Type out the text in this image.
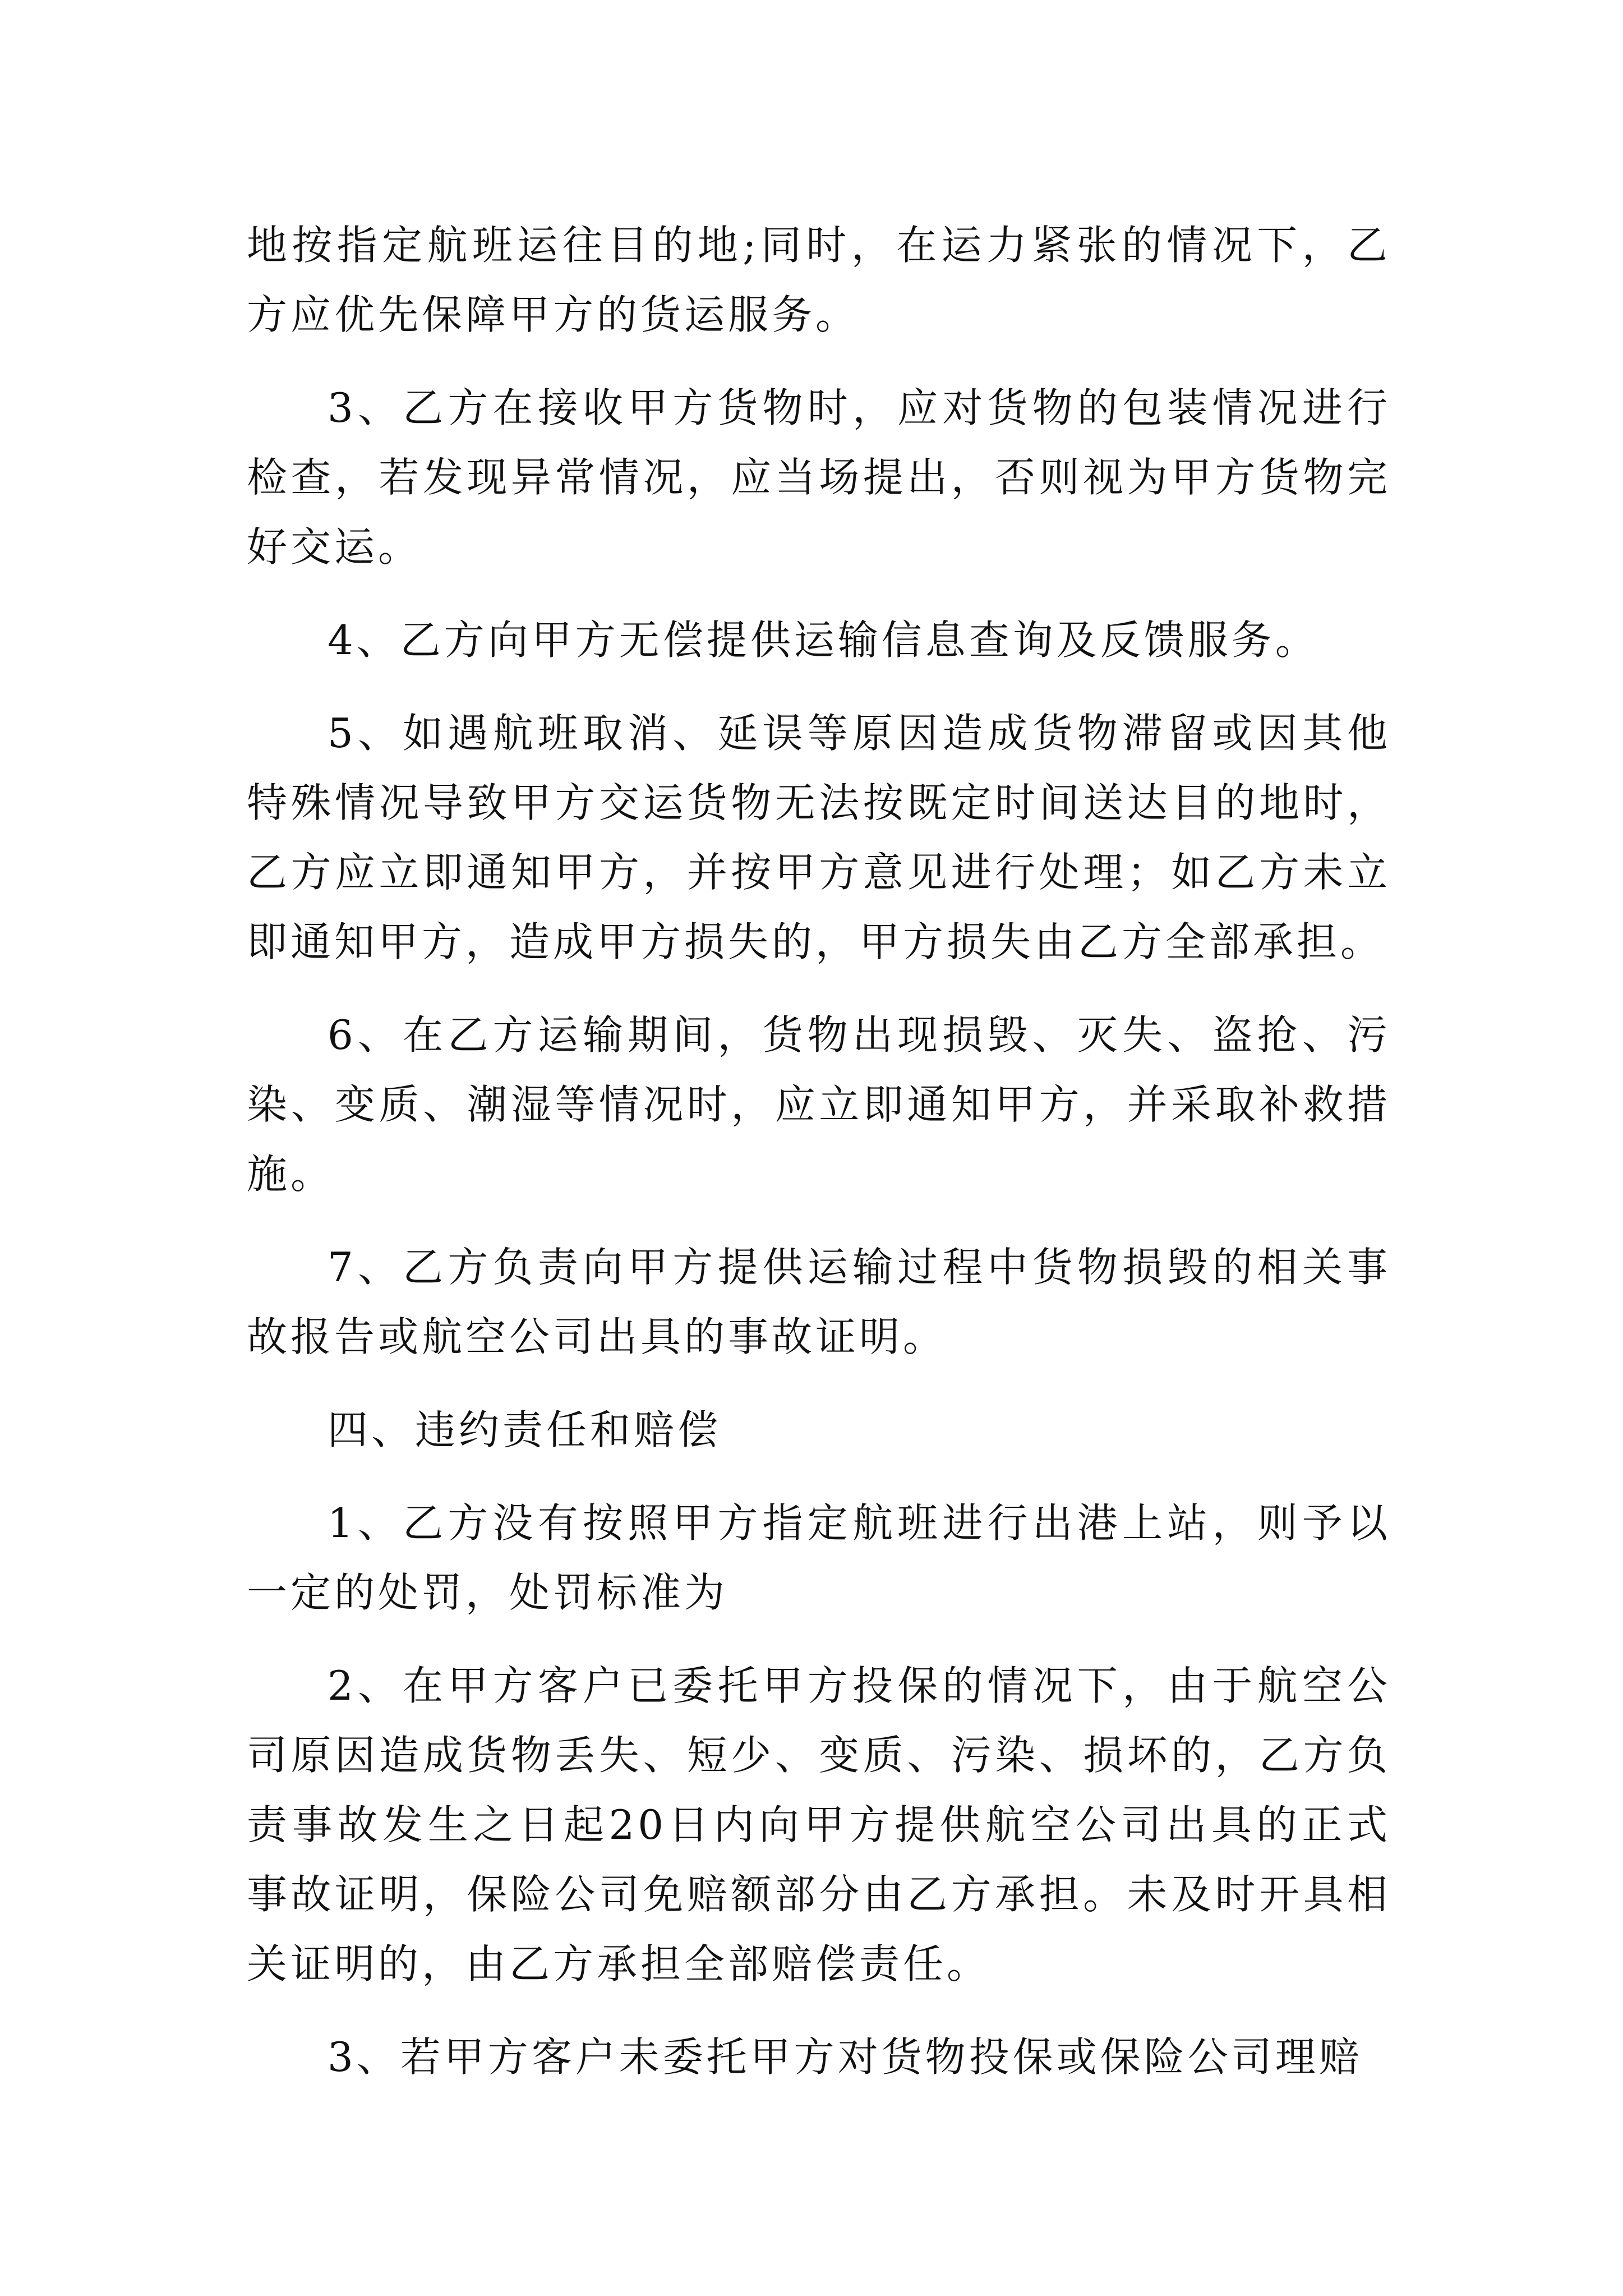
地按指定航班运往目的地;同时，在运力紧张的情况下，乙方应优先保障甲方的货运服务。

3、乙方在接收甲方货物时，应对货物的包装情况进行检查，若发现异常情况，应当场提出，否则视为甲方货物完好交运。

4、乙方向甲方无偿提供运输信息查询及反馈服务。

5、如遇航班取消、延误等原因造成货物滞留或因其他特殊情况导致甲方交运货物无法按既定时间送达目的地时，乙方应立即通知甲方，并按甲方意见进行处理；如乙方未立即通知甲方，造成甲方损失的，甲方损失由乙方全部承担。

6、在乙方运输期间，货物出现损毁、灭失、盗抢、污染、变质、潮湿等情况时，应立即通知甲方，并采取补救措施。

7、乙方负责向甲方提供运输过程中货物损毁的相关事故报告或航空公司出具的事故证明。

四、违约责任和赔偿

1、乙方没有按照甲方指定航班进行出港上站，则予以一定的处罚，处罚标准为

2、在甲方客户已委托甲方投保的情况下，由于航空公司原因造成货物丢失、短少、变质、污染、损坏的，乙方负责事故发生之日起20日内向甲方提供航空公司出具的正式事故证明，保险公司免赔额部分由乙方承担。未及时开具相关证明的，由乙方承担全部赔偿责任。

3、若甲方客户未委托甲方对货物投保或保险公司理赔
